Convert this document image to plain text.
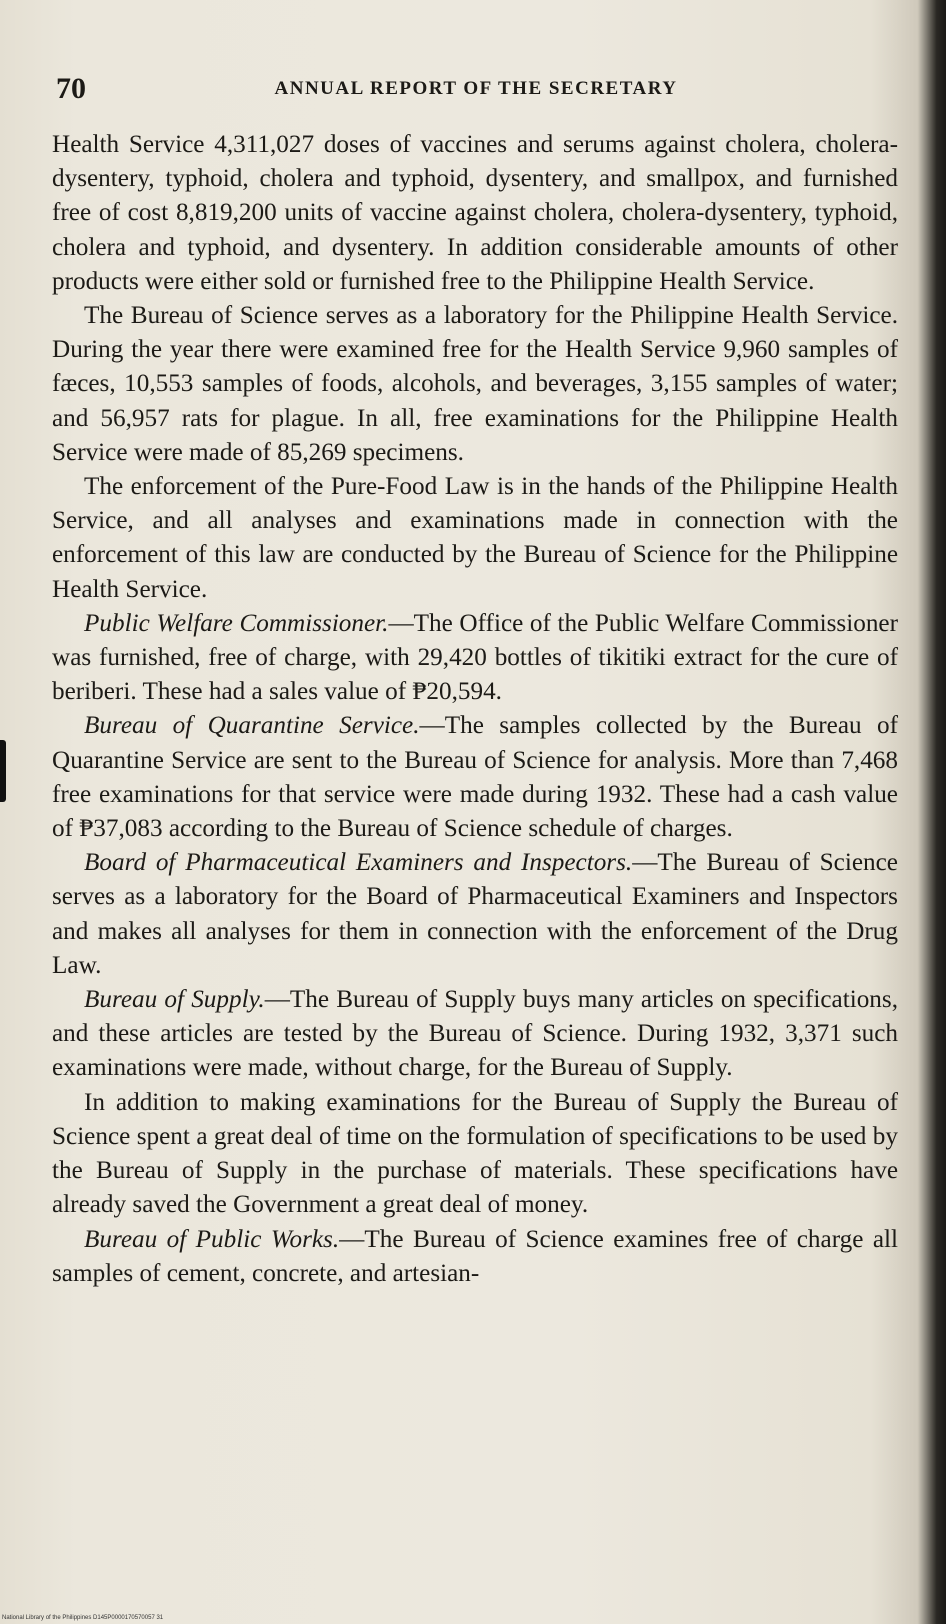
70	ANNUAL REPORT OF THE SECRETARY

Health Service 4,311,027 doses of vaccines and serums against cholera, cholera-dysentery, typhoid, cholera and typhoid, dysentery, and smallpox, and furnished free of cost 8,819,200 units of vaccine against cholera, cholera-dysentery, typhoid, cholera and typhoid, and dysentery. In addition considerable amounts of other products were either sold or furnished free to the Philippine Health Service.

The Bureau of Science serves as a laboratory for the Philippine Health Service. During the year there were examined free for the Health Service 9,960 samples of fæces, 10,553 samples of foods, alcohols, and beverages, 3,155 samples of water; and 56,957 rats for plague. In all, free examinations for the Philippine Health Service were made of 85,269 specimens.

The enforcement of the Pure-Food Law is in the hands of the Philippine Health Service, and all analyses and examinations made in connection with the enforcement of this law are conducted by the Bureau of Science for the Philippine Health Service.

Public Welfare Commissioner.—The Office of the Public Welfare Commissioner was furnished, free of charge, with 29,420 bottles of tikitiki extract for the cure of beriberi. These had a sales value of ₱20,594.

Bureau of Quarantine Service.—The samples collected by the Bureau of Quarantine Service are sent to the Bureau of Science for analysis. More than 7,468 free examinations for that service were made during 1932. These had a cash value of ₱37,083 according to the Bureau of Science schedule of charges.

Board of Pharmaceutical Examiners and Inspectors.—The Bureau of Science serves as a laboratory for the Board of Pharmaceutical Examiners and Inspectors and makes all analyses for them in connection with the enforcement of the Drug Law.

Bureau of Supply.—The Bureau of Supply buys many articles on specifications, and these articles are tested by the Bureau of Science. During 1932, 3,371 such examinations were made, without charge, for the Bureau of Supply.

In addition to making examinations for the Bureau of Supply the Bureau of Science spent a great deal of time on the formulation of specifications to be used by the Bureau of Supply in the purchase of materials. These specifications have already saved the Government a great deal of money.

Bureau of Public Works.—The Bureau of Science examines free of charge all samples of cement, concrete, and artesian-

National Library of the Philippines D145P0000170570057 31
